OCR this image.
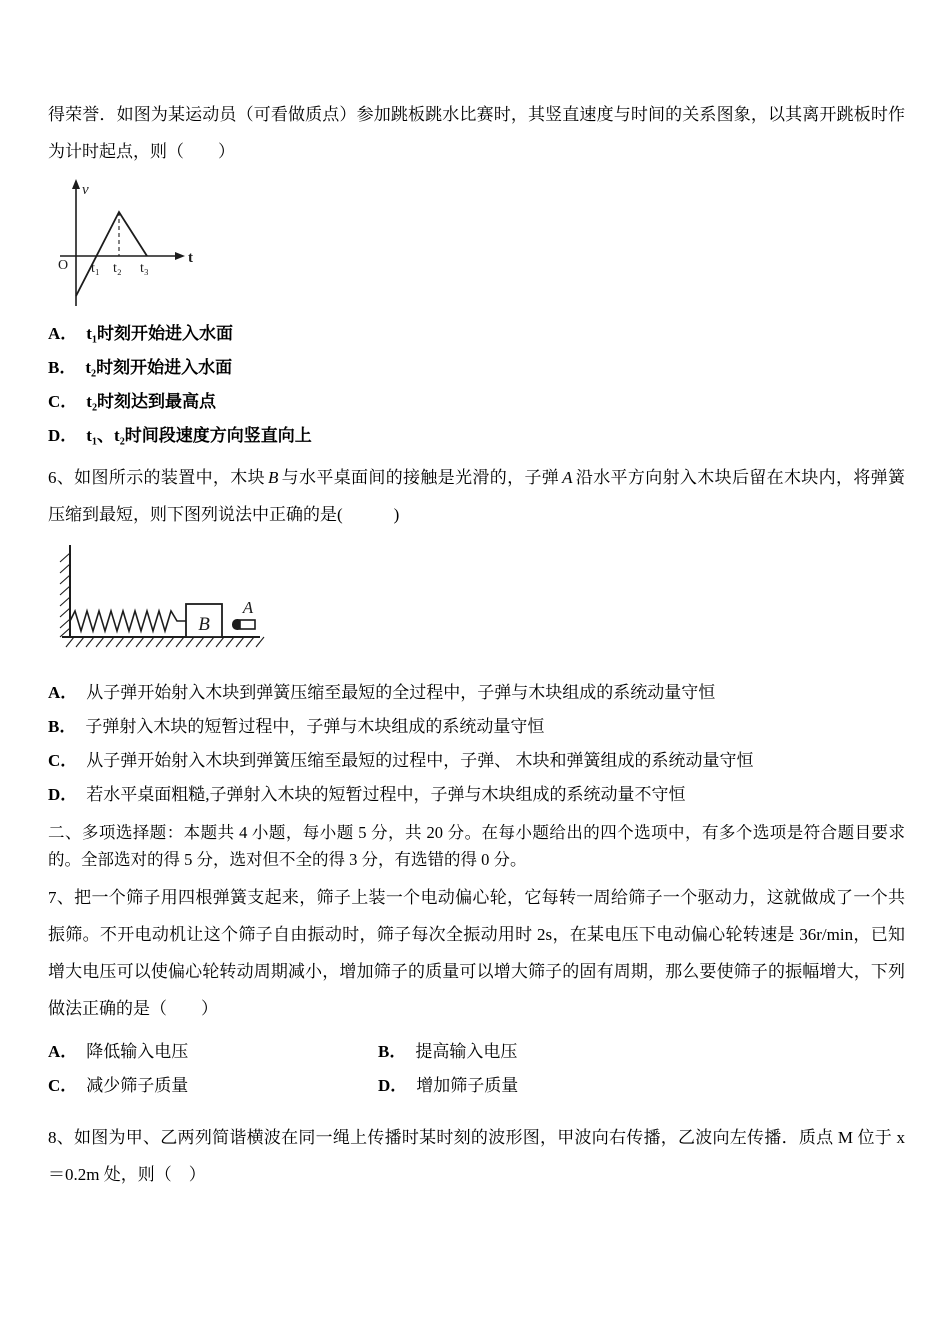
得荣誉．如图为某运动员（可看做质点）参加跳板跳水比赛时，其竖直速度与时间的关系图象，以其离开跳板时作为计时起点，则（　　）

v
t
O t₁ t₂ t₃
A． t₁时刻开始进入水面
B． t₂时刻开始进入水面
C． t₂时刻达到最高点
D． t₁、t₂时间段速度方向竖直向上

6、如图所示的装置中，木块 B 与水平桌面间的接触是光滑的，子弹 A 沿水平方向射入木块后留在木块内，将弹簧压缩到最短，则下图列说法中正确的是(　　　)

B
A
A． 从子弹开始射入木块到弹簧压缩至最短的全过程中，子弹与木块组成的系统动量守恒
B． 子弹射入木块的短暂过程中，子弹与木块组成的系统动量守恒
C． 从子弹开始射入木块到弹簧压缩至最短的过程中，子弹、 木块和弹簧组成的系统动量守恒
D． 若水平桌面粗糙,子弹射入木块的短暂过程中，子弹与木块组成的系统动量不守恒

二、多项选择题：本题共 4 小题，每小题 5 分，共 20 分。在每小题给出的四个选项中，有多个选项是符合题目要求的。全部选对的得 5 分，选对但不全的得 3 分，有选错的得 0 分。

7、把一个筛子用四根弹簧支起来，筛子上装一个电动偏心轮，它每转一周给筛子一个驱动力，这就做成了一个共振筛。不开电动机让这个筛子自由振动时，筛子每次全振动用时 2s，在某电压下电动偏心轮转速是 36r/min，已知增大电压可以使偏心轮转动周期减小，增加筛子的质量可以增大筛子的固有周期，那么要使筛子的振幅增大，下列做法正确的是（　　）

A． 降低输入电压	B． 提高输入电压
C． 减少筛子质量	D． 增加筛子质量

8、如图为甲、乙两列简谐横波在同一绳上传播时某时刻的波形图，甲波向右传播，乙波向左传播．质点 M 位于 x＝0.2m 处，则（　）
